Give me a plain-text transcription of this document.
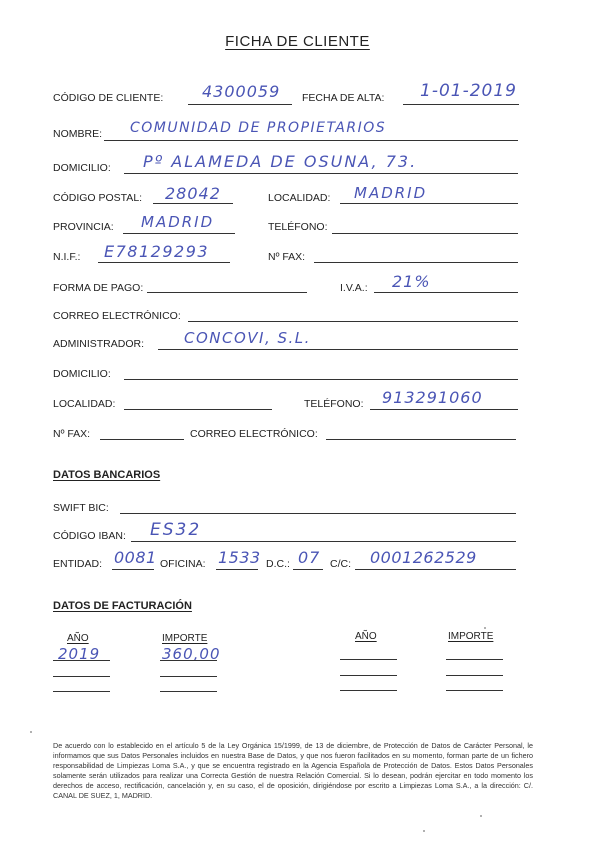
FICHA DE CLIENTE
CÓDIGO DE CLIENTE: 4300059 FECHA DE ALTA: 1-01-2019
NOMBRE: COMUNIDAD DE PROPIETARIOS
DOMICILIO: Pº ALAMEDA DE OSUNA, 73.
CÓDIGO POSTAL: 28042	LOCALIDAD: MADRID
PROVINCIA: MADRID	TELÉFONO:
N.I.F.: E78129293	Nº FAX:
FORMA DE PAGO:	I.V.A.: 21%
CORREO ELECTRÓNICO:
ADMINISTRADOR:	CONCOVI, S.L.
DOMICILIO:
LOCALIDAD:	TELÉFONO: 913291060
Nº FAX:	CORREO ELECTRÓNICO:
DATOS BANCARIOS
SWIFT BIC:
CÓDIGO IBAN: ES32
ENTIDAD: 0081 OFICINA: 1533 D.C.: 07 C/C: 0001262529
DATOS DE FACTURACIÓN
AÑO	IMPORTE	AÑO	IMPORTE
2019	360,00
De acuerdo con lo establecido en el artículo 5 de la Ley Orgánica 15/1999, de 13 de diciembre, de Protección de Datos de Carácter Personal, le informamos que sus Datos Personales incluidos en nuestra Base de Datos, y que nos fueron facilitados en su momento, forman parte de un fichero responsabilidad de Limpiezas Loma S.A., y que se encuentra registrado en la Agencia Española de Protección de Datos. Estos Datos Personales solamente serán utilizados para realizar una Correcta Gestión de nuestra Relación Comercial. Si lo desean, podrán ejercitar en todo momento los derechos de acceso, rectificación, cancelación y, en su caso, el de oposición, dirigiéndose por escrito a Limpiezas Loma S.A., a la dirección: C/. CANAL DE SUEZ, 1, MADRID.
